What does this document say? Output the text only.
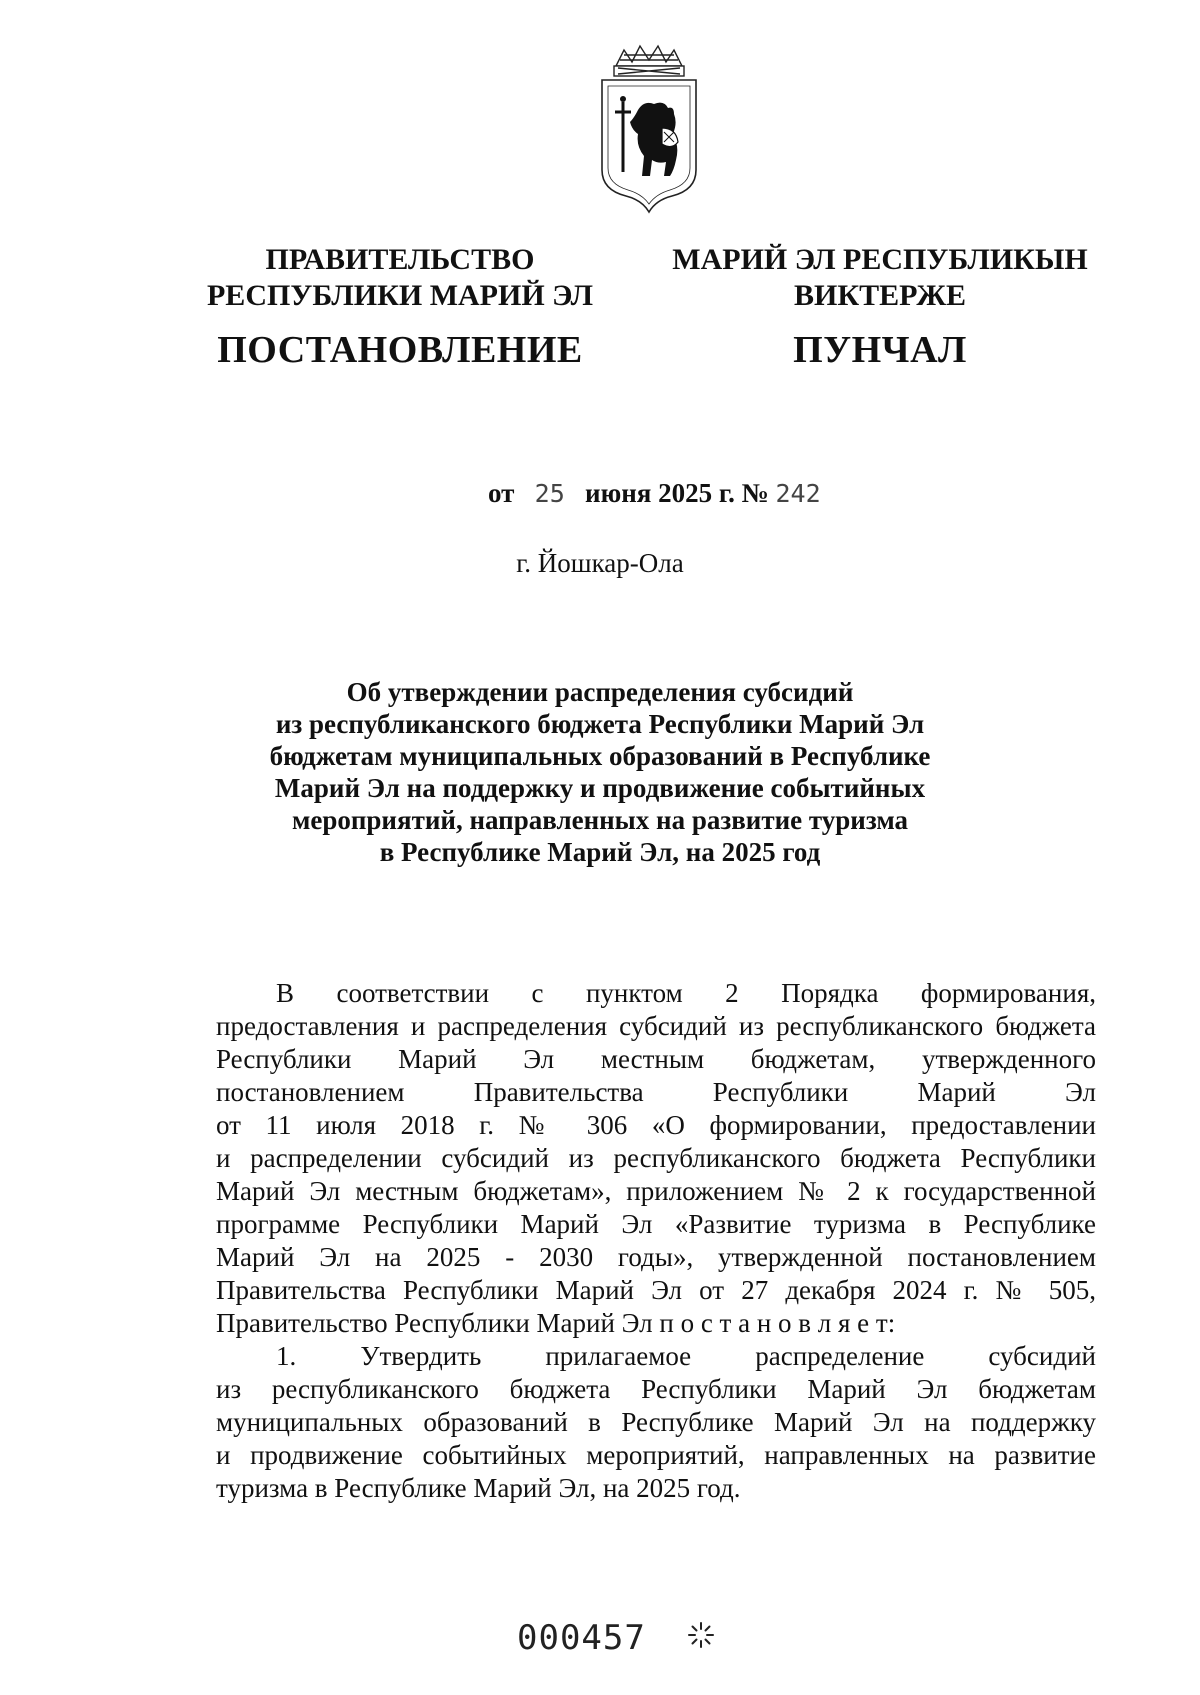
ПРАВИТЕЛЬСТВО
РЕСПУБЛИКИ МАРИЙ ЭЛ
ПОСТАНОВЛЕНИЕ
МАРИЙ ЭЛ РЕСПУБЛИКЫН
ВИКТЕРЖЕ
ПУНЧАЛ
от 25 июня 2025 г. № 242
г. Йошкар-Ола
Об утверждении распределения субсидий
из республиканского бюджета Республики Марий Эл
бюджетам муниципальных образований в Республике
Марий Эл на поддержку и продвижение событийных
мероприятий, направленных на развитие туризма
в Республике Марий Эл, на 2025 год
В соответствии с пунктом 2 Порядка формирования,
предоставления и распределения субсидий из республиканского бюджета
Республики Марий Эл местным бюджетам, утвержденного
постановлением Правительства Республики Марий Эл
от 11 июля 2018 г. № 306 «О формировании, предоставлении
и распределении субсидий из республиканского бюджета Республики
Марий Эл местным бюджетам», приложением № 2 к государственной
программе Республики Марий Эл «Развитие туризма в Республике
Марий Эл на 2025 - 2030 годы», утвержденной постановлением
Правительства Республики Марий Эл от 27 декабря 2024 г. № 505,
Правительство Республики Марий Эл п о с т а н о в л я е т:
1. Утвердить прилагаемое распределение субсидий
из республиканского бюджета Республики Марий Эл бюджетам
муниципальных образований в Республике Марий Эл на поддержку
и продвижение событийных мероприятий, направленных на развитие
туризма в Республике Марий Эл, на 2025 год.
000457
